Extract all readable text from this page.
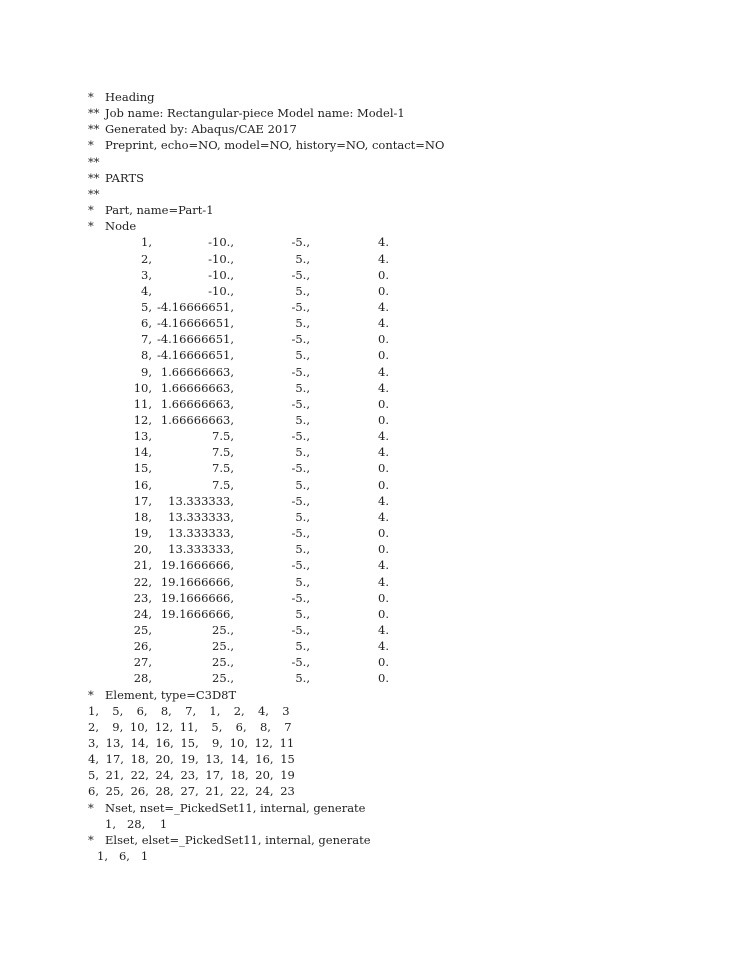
* Heading
** Job name: Rectangular-piece Model name: Model-1
** Generated by: Abaqus/CAE 2017
* Preprint, echo=NO, model=NO, history=NO, contact=NO
**
** PARTS
**
* Part, name=Part-1
* Node
1,	-10.,	-5.,	4.
2,	-10.,	5.,	4.
3,	-10.,	-5.,	0.
4,	-10.,	5.,	0.
5, -4.16666651,	-5.,	4.
6, -4.16666651,	5.,	4.
7, -4.16666651,	-5.,	0.
8, -4.16666651,	5.,	0.
9, 1.66666663,	-5.,	4.
10, 1.66666663,	5.,	4.
11, 1.66666663,	-5.,	0.
12, 1.66666663,	5.,	0.
13,	7.5,	-5.,	4.
14,	7.5,	5.,	4.
15,	7.5,	-5.,	0.
16,	7.5,	5.,	0.
17, 13.333333,	-5.,	4.
18, 13.333333,	5.,	4.
19, 13.333333,	-5.,	0.
20, 13.333333,	5.,	0.
21, 19.1666666,	-5.,	4.
22, 19.1666666,	5.,	4.
23, 19.1666666,	-5.,	0.
24, 19.1666666,	5.,	0.
25,	25.,	-5.,	4.
26,	25.,	5.,	4.
27,	25.,	-5.,	0.
28,	25.,	5.,	0.
* Element, type=C3D8T
1,  5,  6,  8,  7,  1,  2,  4,  3
2,  9, 10, 12, 11,  5,  6,  8,  7
3, 13, 14, 16, 15,  9, 10, 12, 11
4, 17, 18, 20, 19, 13, 14, 16, 15
5, 21, 22, 24, 23, 17, 18, 20, 19
6, 25, 26, 28, 27, 21, 22, 24, 23
* Nset, nset=_PickedSet11, internal, generate
1,   28,    1
* Elset, elset=_PickedSet11, internal, generate
1,   6,   1
